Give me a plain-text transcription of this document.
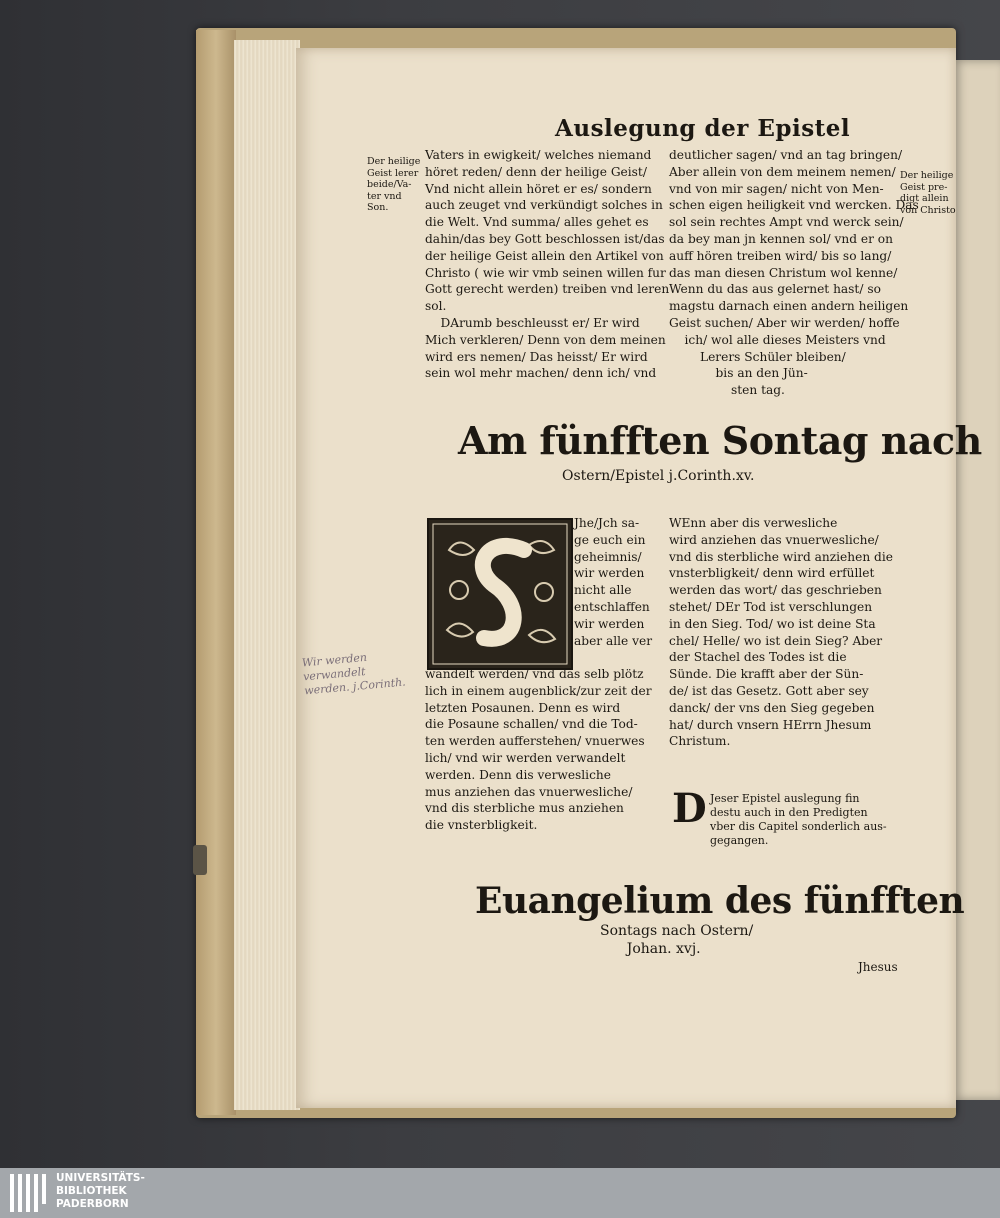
Auslegung der Epistel
Der heilige
Geist lerer
beide/Va-
ter vnd
Son.
Der heilige
Geist pre-
digt allein
von Christo
Vaters in ewigkeit/ welches niemand
höret reden/ denn der heilige Geist/
Vnd nicht allein höret er es/ sondern
auch zeuget vnd verkündigt solches in
die Welt. Vnd summa/ alles gehet es
dahin/das bey Gott beschlossen ist/das
der heilige Geist allein den Artikel von
Christo ( wie wir vmb seinen willen fur
Gott gerecht werden) treiben vnd leren
sol.
DArumb beschleusst er/ Er wird
Mich verkleren/ Denn von dem meinen
wird ers nemen/ Das heisst/ Er wird
sein wol mehr machen/ denn ich/ vnd
deutlicher sagen/ vnd an tag bringen/
Aber allein von dem meinem nemen/
vnd von mir sagen/ nicht von Men-
schen eigen heiligkeit vnd wercken. Das
sol sein rechtes Ampt vnd werck sein/
da bey man jn kennen sol/ vnd er on
auff hören treiben wird/ bis so lang/
das man diesen Christum wol kenne/
Wenn du das aus gelernet hast/ so
magstu darnach einen andern heiligen
Geist suchen/ Aber wir werden/ hoffe
ich/ wol alle dieses Meisters vnd
Lerers Schüler bleiben/
bis an den Jün-
sten tag.
Am fünfften Sontag nach
Ostern/Epistel j.Corinth.xv.
Jhe/Jch sa-
ge euch ein
geheimnis/
wir werden
nicht alle
entschlaffen
wir werden
aber alle ver
wandelt werden/ vnd das selb plötz
lich in einem augenblick/zur zeit der
letzten Posaunen. Denn es wird
die Posaune schallen/ vnd die Tod-
ten werden aufferstehen/ vnuerwes
lich/ vnd wir werden verwandelt
werden. Denn dis verwesliche
mus anziehen das vnuerwesliche/
vnd dis sterbliche mus anziehen
die vnsterbligkeit.
WEnn aber dis verwesliche
wird anziehen das vnuerwesliche/
vnd dis sterbliche wird anziehen die
vnsterbligkeit/ denn wird erfüllet
werden das wort/ das geschrieben
stehet/ DEr Tod ist verschlungen
in den Sieg. Tod/ wo ist deine Sta
chel/ Helle/ wo ist dein Sieg? Aber
der Stachel des Todes ist die
Sünde. Die krafft aber der Sün-
de/ ist das Gesetz. Gott aber sey
danck/ der vns den Sieg gegeben
hat/ durch vnsern HErrn Jhesum
Christum.
D Jeser Epistel auslegung fin
destu auch in den Predigten
vber dis Capitel sonderlich aus-
gegangen.
Wir werden
verwandelt
werden. j.Corinth.
Euangelium des fünfften
Sontags nach Ostern/
Johan. xvj.
Jhesus
UNIVERSITÄTS-
BIBLIOTHEK
PADERBORN
